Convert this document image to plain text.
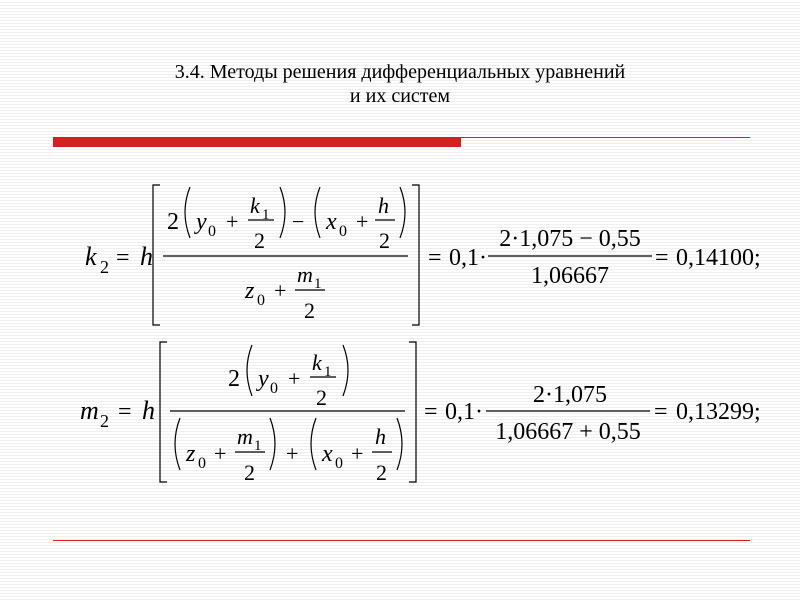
3.4. Методы решения дифференциальных уравнений
и их систем
k 2 = h
2 y 0 +
k 1
2
− x 0 +
h
2
z 0 +
m 1
2
= 0,1·
2·1,075 − 0,55
1,06667
= 0,14100;
m 2 = h
2 y 0 +
k 1
2
z 0 +
m 1
2
+ x 0 +
h
2
= 0,1·
2·1,075
1,06667 + 0,55
= 0,13299;
